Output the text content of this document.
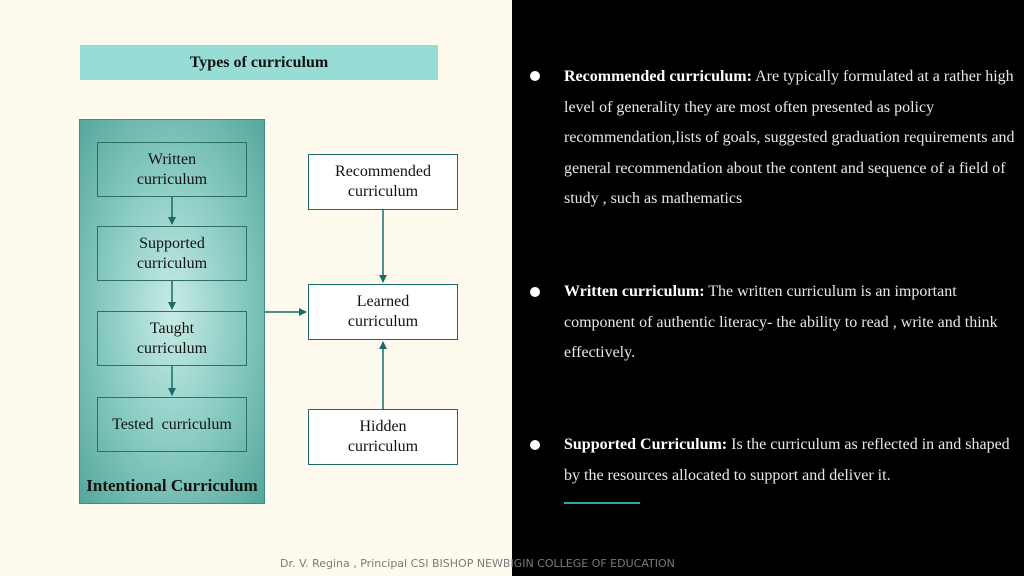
Types of curriculum
Written
curriculum
Supported
curriculum
Taught
curriculum
Tested  curriculum
Intentional Curriculum
Recommended
curriculum
Learned
curriculum
Hidden
curriculum
Recommended curriculum: Are typically formulated at a rather high level of generality they are most often presented as policy recommendation,lists of goals, suggested graduation requirements and general recommendation about the content and sequence of a field of study , such as mathematics
Written curriculum: The written curriculum is an important component of authentic literacy- the ability to read , write and think effectively.
Supported Curriculum: Is the curriculum as reflected in and shaped by the resources allocated to support and deliver it.
Dr. V. Regina , Principal CSI BISHOP NEWBIGIN COLLEGE OF EDUCATION
